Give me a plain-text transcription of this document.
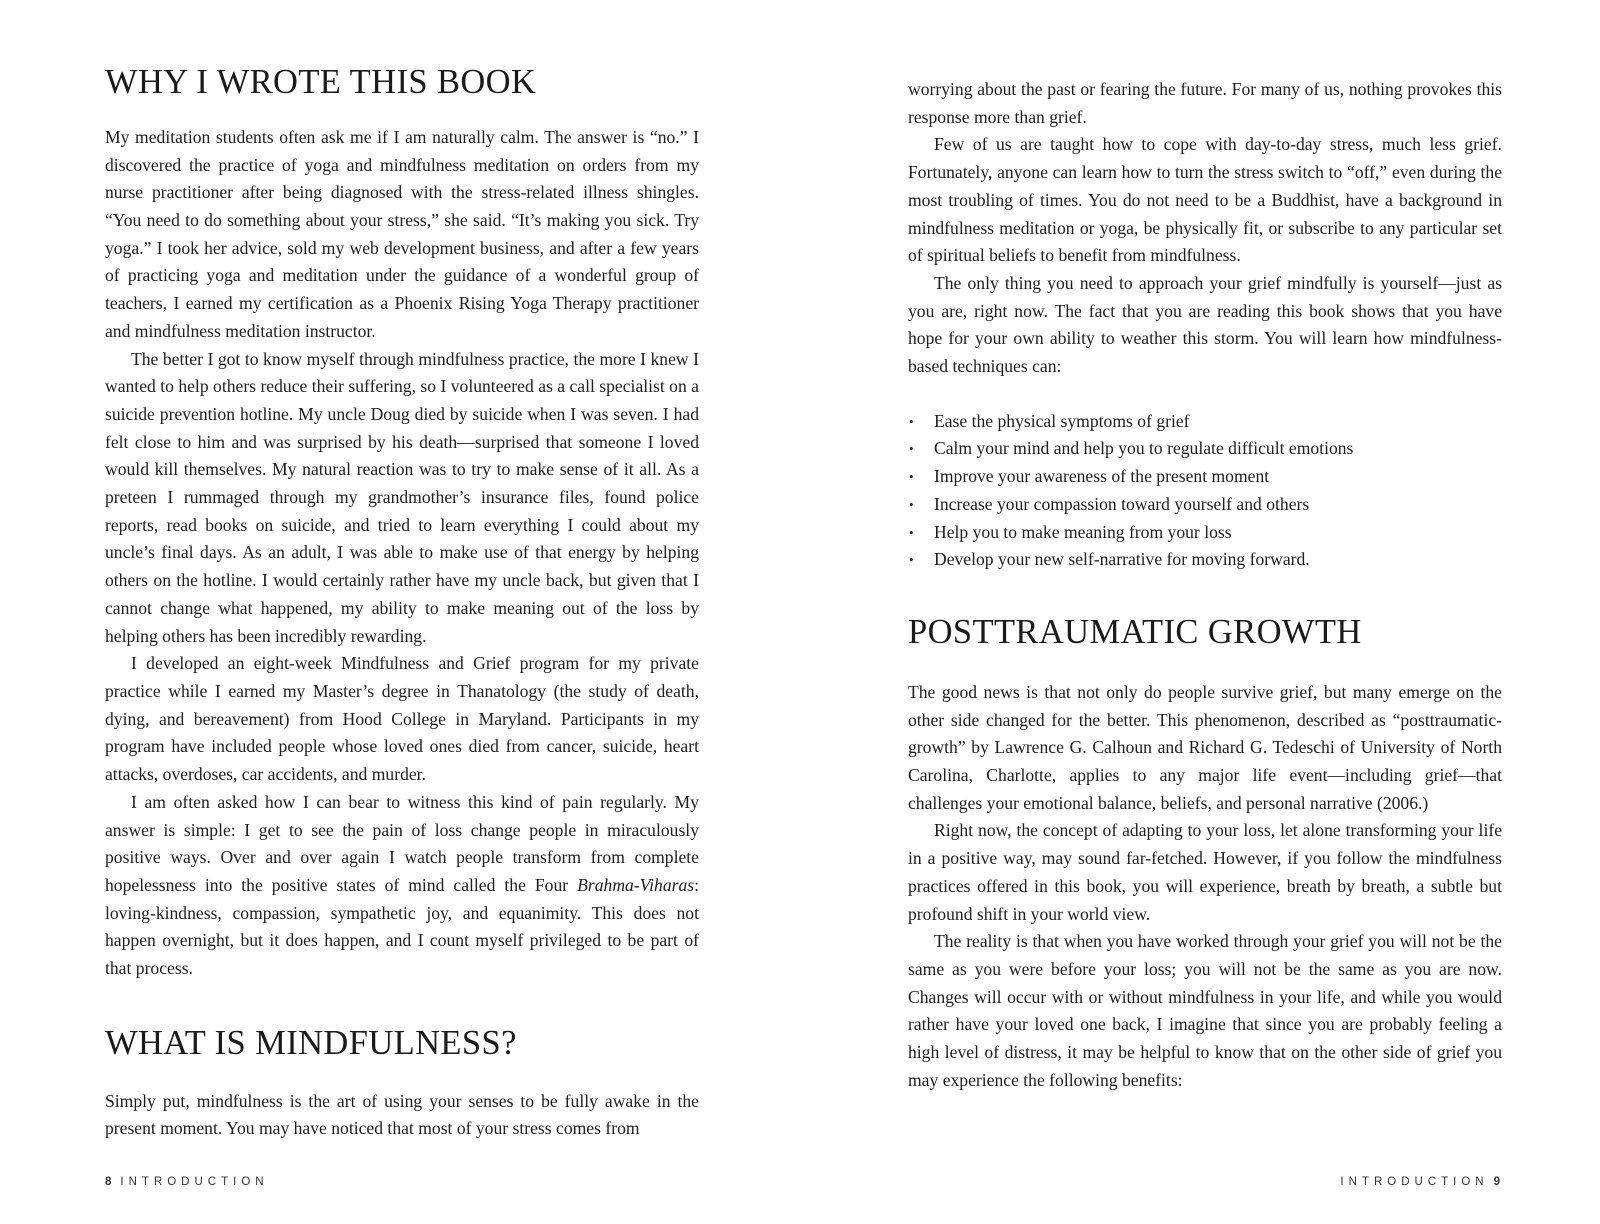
WHY I WROTE THIS BOOK

My meditation students often ask me if I am naturally calm. The answer is “no.” I discovered the practice of yoga and mindfulness meditation on orders from my nurse practitioner after being diagnosed with the stress-related illness shingles. “You need to do something about your stress,” she said. “It’s making you sick. Try yoga.” I took her advice, sold my web development business, and after a few years of practicing yoga and meditation under the guidance of a wonderful group of teachers, I earned my certification as a Phoenix Rising Yoga Therapy practitioner and mindfulness meditation instructor.

The better I got to know myself through mindfulness practice, the more I knew I wanted to help others reduce their suffering, so I volunteered as a call specialist on a suicide prevention hotline. My uncle Doug died by suicide when I was seven. I had felt close to him and was surprised by his death—surprised that someone I loved would kill themselves. My natural reaction was to try to make sense of it all. As a preteen I rummaged through my grandmother’s insurance files, found police reports, read books on suicide, and tried to learn everything I could about my uncle’s final days. As an adult, I was able to make use of that energy by helping others on the hotline. I would certainly rather have my uncle back, but given that I cannot change what happened, my ability to make meaning out of the loss by helping others has been incredibly rewarding.

I developed an eight-week Mindfulness and Grief program for my private practice while I earned my Master’s degree in Thanatology (the study of death, dying, and bereavement) from Hood College in Maryland. Participants in my program have included people whose loved ones died from cancer, suicide, heart attacks, overdoses, car accidents, and murder.

I am often asked how I can bear to witness this kind of pain regularly. My answer is simple: I get to see the pain of loss change people in miraculously positive ways. Over and over again I watch people transform from complete hopelessness into the positive states of mind called the Four Brahma-Viharas: loving-kindness, compassion, sympathetic joy, and equanimity. This does not happen overnight, but it does happen, and I count myself privileged to be part of that process.

WHAT IS MINDFULNESS?

Simply put, mindfulness is the art of using your senses to be fully awake in the present moment. You may have noticed that most of your stress comes from

8 INTRODUCTION

worrying about the past or fearing the future. For many of us, nothing provokes this response more than grief.

Few of us are taught how to cope with day-to-day stress, much less grief. Fortunately, anyone can learn how to turn the stress switch to “off,” even during the most troubling of times. You do not need to be a Buddhist, have a background in mindfulness meditation or yoga, be physically fit, or subscribe to any particular set of spiritual beliefs to benefit from mindfulness.

The only thing you need to approach your grief mindfully is yourself—just as you are, right now. The fact that you are reading this book shows that you have hope for your own ability to weather this storm. You will learn how mindfulness-based techniques can:

• Ease the physical symptoms of grief
• Calm your mind and help you to regulate difficult emotions
• Improve your awareness of the present moment
• Increase your compassion toward yourself and others
• Help you to make meaning from your loss
• Develop your new self-narrative for moving forward.
POSTTRAUMATIC GROWTH

The good news is that not only do people survive grief, but many emerge on the other side changed for the better. This phenomenon, described as “posttraumatic- growth” by Lawrence G. Calhoun and Richard G. Tedeschi of University of North Carolina, Charlotte, applies to any major life event—including grief—that challenges your emotional balance, beliefs, and personal narrative (2006.)

Right now, the concept of adapting to your loss, let alone transforming your life in a positive way, may sound far-fetched. However, if you follow the mindfulness practices offered in this book, you will experience, breath by breath, a subtle but profound shift in your world view.

The reality is that when you have worked through your grief you will not be the same as you were before your loss; you will not be the same as you are now. Changes will occur with or without mindfulness in your life, and while you would rather have your loved one back, I imagine that since you are probably feeling a high level of distress, it may be helpful to know that on the other side of grief you may experience the following benefits:

INTRODUCTION 9
